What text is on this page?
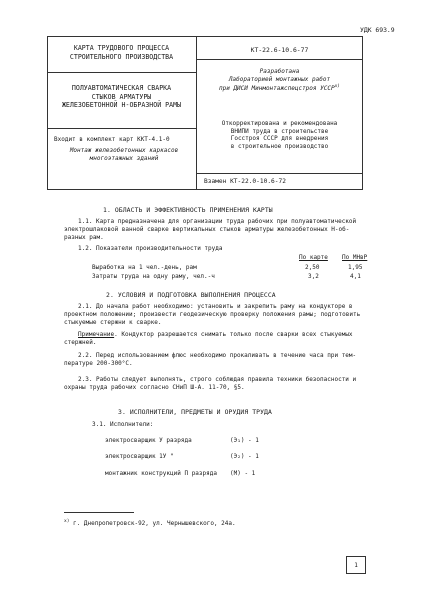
УДК 693.9
КАРТА ТРУДОВОГО ПРОЦЕССА
СТРОИТЕЛЬНОГО ПРОИЗВОДСТВА
КТ-22.6-10.6-77
ПОЛУАВТОМАТИЧЕСКАЯ СВАРКА
СТЫКОВ АРМАТУРЫ
ЖЕЛЕЗОБЕТОННОЙ Н-ОБРАЗНОЙ РАМЫ
Разработана
Лабораторией монтажных работ
при ДИСИ Минмонтажспецстроя УССР$^{x)}$
Откорректирована и рекомендована
ВНИПИ труда в строительстве
Госстроя СССР для внедрения
в строительное производство
Входит в комплект карт ККТ-4.1-0
Монтаж железобетонных каркасов
многоэтажных зданий
Взамен КТ-22.0-10.6-72
1. ОБЛАСТЬ И ЭФФЕКТИВНОСТЬ ПРИМЕНЕНИЯ КАРТЫ
1.1. Карта предназначена для организации труда рабочих при полуавтоматической
электрошлаковой ванной сварке вертикальных стыков арматуры железобетонных Н-об-
разных рам.
1.2. Показатели производительности труда
По карте По МНвР
Выработка на 1 чел.-день, рам	2,50	1,95
Затраты труда на одну раму, чел.-ч	3,2	4,1
2. УСЛОВИЯ И ПОДГОТОВКА ВЫПОЛНЕНИЯ ПРОЦЕССА
2.1. До начала работ необходимо: установить и закрепить раму на кондукторе в
проектном положении; произвести геодезическую проверку положения рамы; подготовить
стыкуемые стержни к сварке.
Примечание. Кондуктор разрешается снимать только после сварки всех стыкуемых
стержней.
2.2. Перед использованием флюс необходимо прокаливать в течение часа при тем-
пературе 200-300°С.
2.3. Работы следует выполнять, строго соблюдая правила техники безопасности и
охраны труда рабочих согласно СНиП Ш-А. 11-70, §5.
3. ИСПОЛНИТЕЛИ, ПРЕДМЕТЫ И ОРУДИЯ ТРУДА
3.1. Исполнители:
электросварщик У разряда	(Э₁) - 1
электросварщик 1У "	(Э₂) - 1
монтажник конструкций П разряда (М) - 1
$^{x)}$ г. Днепропетровск-92, ул. Чернышевского, 24а.
1
